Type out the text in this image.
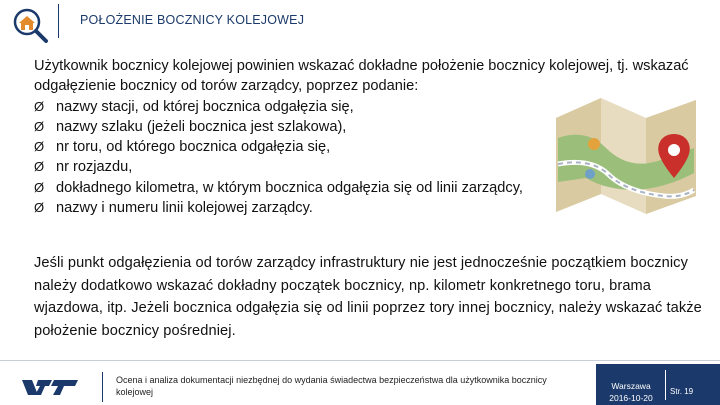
POŁOŻENIE BOCZNICY KOLEJOWEJ

Użytkownik bocznicy kolejowej powinien wskazać dokładne położenie bocznicy kolejowej, tj. wskazać odgałęzienie bocznicy od torów zarządcy, poprzez podanie:

Ø nazwy stacji, od której bocznica odgałęzia się,
Ø nazwy szlaku (jeżeli bocznica jest szlakowa),
Ø nr toru, od którego bocznica odgałęzia się,
Ø nr rozjazdu,
Ø dokładnego kilometra, w którym bocznica odgałęzia się od linii zarządcy,
Ø nazwy i numeru linii kolejowej zarządcy.

Jeśli punkt odgałęzienia od torów zarządcy infrastruktury nie jest jednocześnie początkiem bocznicy należy dodatkowo wskazać dokładny początek bocznicy, np. kilometr konkretnego toru, brama wjazdowa, itp. Jeżeli bocznica odgałęzia się od linii poprzez tory innej bocznicy, należy wskazać także położenie bocznicy pośredniej.

Ocena i analiza dokumentacji niezbędnej do wydania świadectwa bezpieczeństwa dla użytkownika bocznicy kolejowej
Warszawa
2016-10-20
Str. 19
